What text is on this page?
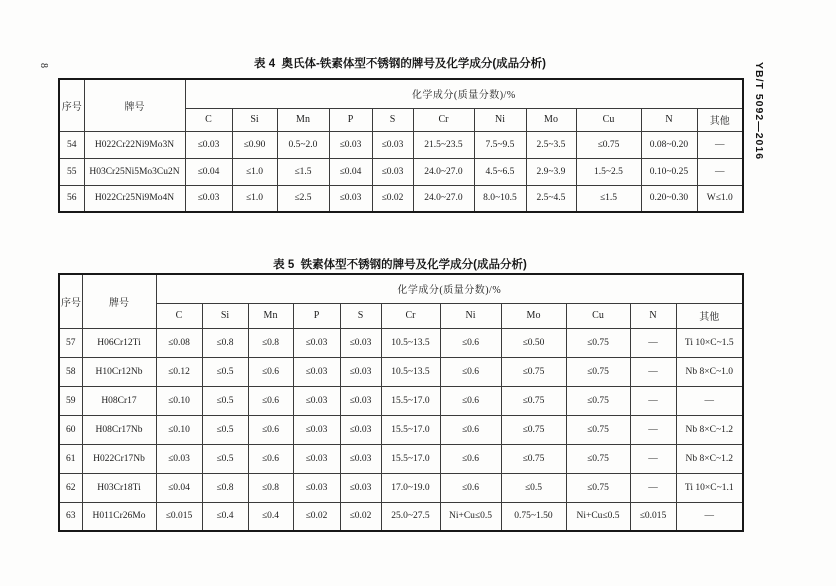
8	YB/T 5092—2016
表 4  奥氏体-铁素体型不锈钢的牌号及化学成分(成品分析)
序号	牌号	化学成分(质量分数)/%										
		C	Si	Mn	P	S	Cr	Ni	Mo	Cu	N	其他
54	H022Cr22Ni9Mo3N	≤0.03	≤0.90	0.5~2.0	≤0.03	≤0.03	21.5~23.5	7.5~9.5	2.5~3.5	≤0.75	0.08~0.20	—
55	H03Cr25Ni5Mo3Cu2N	≤0.04	≤1.0	≤1.5	≤0.04	≤0.03	24.0~27.0	4.5~6.5	2.9~3.9	1.5~2.5	0.10~0.25	—
56	H022Cr25Ni9Mo4N	≤0.03	≤1.0	≤2.5	≤0.03	≤0.02	24.0~27.0	8.0~10.5	2.5~4.5	≤1.5	0.20~0.30	W≤1.0
表 5  铁素体型不锈钢的牌号及化学成分(成品分析)
序号	牌号	化学成分(质量分数)/%										
		C	Si	Mn	P	S	Cr	Ni	Mo	Cu	N	其他
57	H06Cr12Ti	≤0.08	≤0.8	≤0.8	≤0.03	≤0.03	10.5~13.5	≤0.6	≤0.50	≤0.75	—	Ti 10×C~1.5
58	H10Cr12Nb	≤0.12	≤0.5	≤0.6	≤0.03	≤0.03	10.5~13.5	≤0.6	≤0.75	≤0.75	—	Nb 8×C~1.0
59	H08Cr17	≤0.10	≤0.5	≤0.6	≤0.03	≤0.03	15.5~17.0	≤0.6	≤0.75	≤0.75	—	—
60	H08Cr17Nb	≤0.10	≤0.5	≤0.6	≤0.03	≤0.03	15.5~17.0	≤0.6	≤0.75	≤0.75	—	Nb 8×C~1.2
61	H022Cr17Nb	≤0.03	≤0.5	≤0.6	≤0.03	≤0.03	15.5~17.0	≤0.6	≤0.75	≤0.75	—	Nb 8×C~1.2
62	H03Cr18Ti	≤0.04	≤0.8	≤0.8	≤0.03	≤0.03	17.0~19.0	≤0.6	≤0.5	≤0.75	—	Ti 10×C~1.1
63	H011Cr26Mo	≤0.015	≤0.4	≤0.4	≤0.02	≤0.02	25.0~27.5	Ni+Cu≤0.5	0.75~1.50	Ni+Cu≤0.5	≤0.015	—
